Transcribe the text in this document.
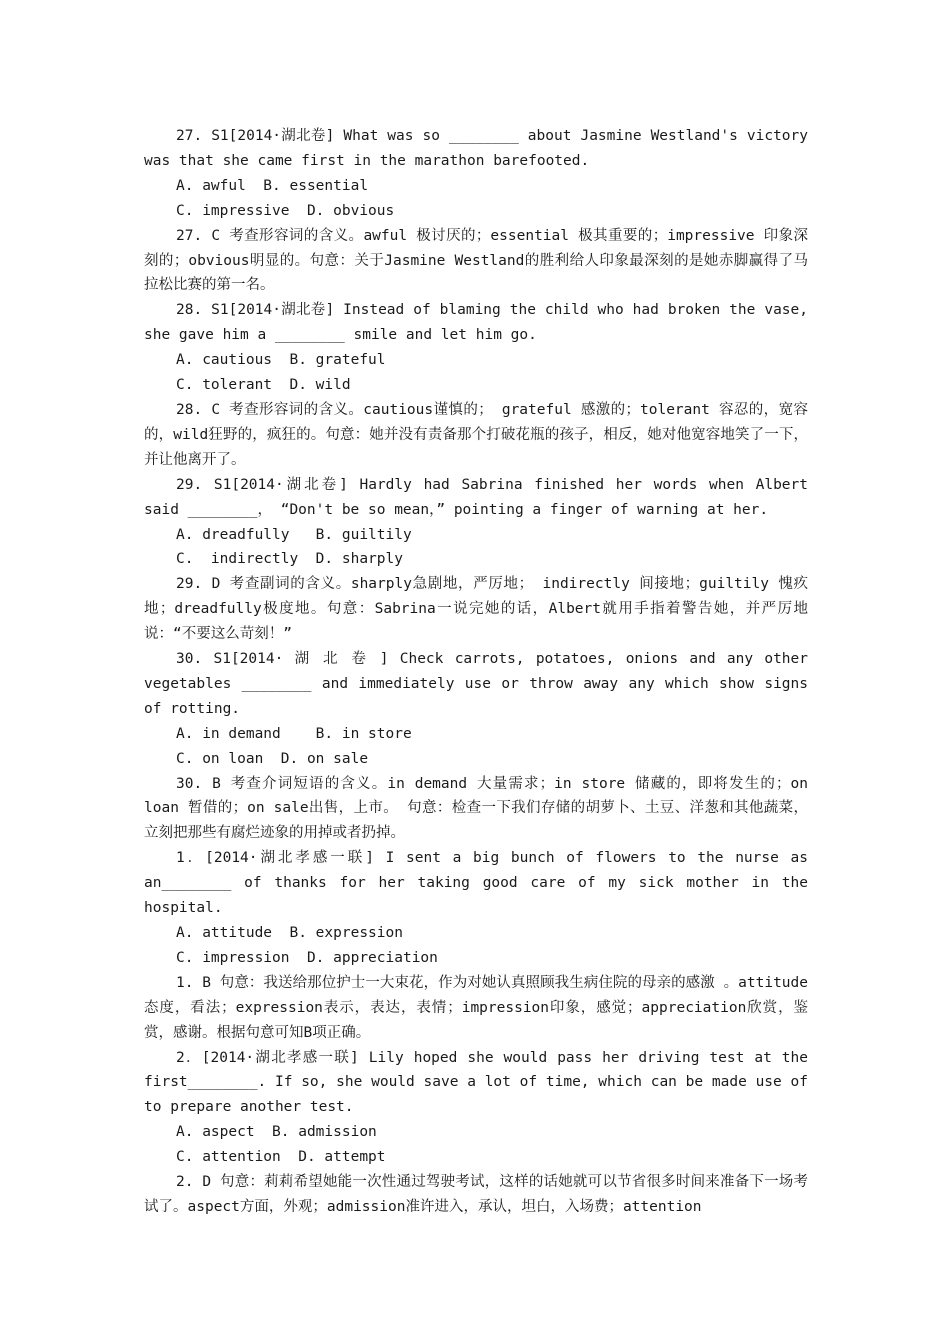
27. S1[2014·湖北卷] What was so ________ about Jasmine Westland's victory was that she came first in the marathon barefooted.

A. awful  B. essential

C. impressive  D. obvious

27. C 考查形容词的含义。awful 极讨厌的；essential 极其重要的；impressive 印象深刻的；obvious明显的。句意：关于Jasmine Westland的胜利给人印象最深刻的是她赤脚赢得了马拉松比赛的第一名。

28. S1[2014·湖北卷] Instead of blaming the child who had broken the vase, she gave him a ________ smile and let him go.

A. cautious  B. grateful

C. tolerant  D. wild

28. C 考查形容词的含义。cautious谨慎的； grateful 感激的；tolerant 容忍的，宽容的，wild狂野的，疯狂的。句意：她并没有责备那个打破花瓶的孩子，相反，她对他宽容地笑了一下，并让他离开了。

29. S1[2014·湖北卷] Hardly had Sabrina finished her words when Albert said ________， “Don't be so mean，” pointing a finger of warning at her.

A. dreadfully   B. guiltily

C.  indirectly  D. sharply

29. D 考查副词的含义。sharply急剧地，严厉地； indirectly 间接地；guiltily 愧疚地；dreadfully极度地。句意：Sabrina一说完她的话，Albert就用手指着警告她，并严厉地说：“不要这么苛刻！”

30. S1[2014· 湖 北 卷 ] Check carrots, potatoes, onions and any other vegetables ________ and immediately use or throw away any which show signs of rotting.

A. in demand    B. in store

C. on loan  D. on sale

30. B 考查介词短语的含义。in demand 大量需求；in store 储藏的，即将发生的；on loan 暂借的；on sale出售，上市。 句意：检查一下我们存储的胡萝卜、土豆、洋葱和其他蔬菜，立刻把那些有腐烂迹象的用掉或者扔掉。

1．[2014·湖北孝感一联] I sent a big bunch of flowers to the nurse as an________ of thanks for her taking good care of my sick mother in the hospital.

A. attitude  B. expression

C. impression  D. appreciation

1. B 句意：我送给那位护士一大束花，作为对她认真照顾我生病住院的母亲的感激 。attitude态度，看法；expression表示，表达，表情；impression印象，感觉；appreciation欣赏，鉴赏，感谢。根据句意可知B项正确。

2．[2014·湖北孝感一联] Lily hoped she would pass her driving test at the first________. If so, she would save a lot of time, which can be made use of to prepare another test.

A. aspect  B. admission

C. attention  D. attempt

2. D 句意：莉莉希望她能一次性通过驾驶考试，这样的话她就可以节省很多时间来准备下一场考试了。aspect方面，外观；admission准许进入，承认，坦白，入场费；attention
